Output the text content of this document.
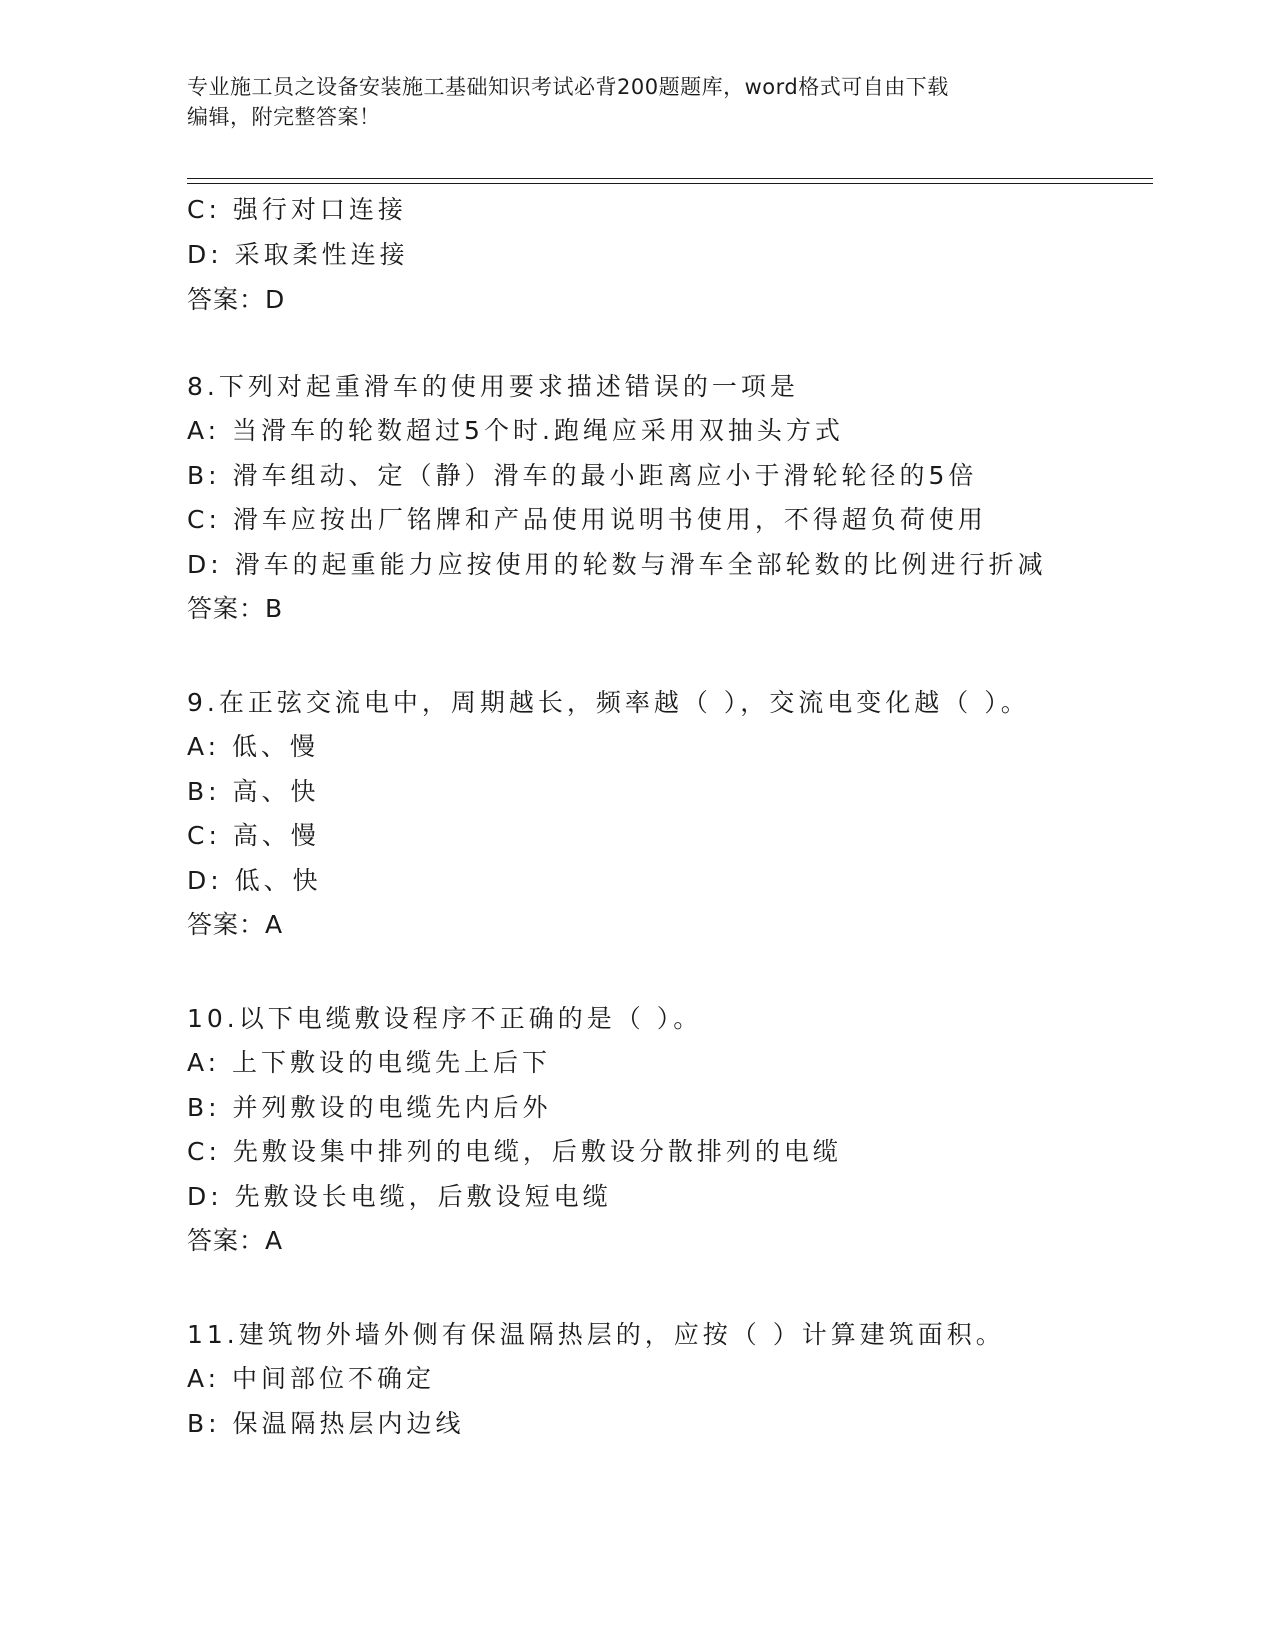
专业施工员之设备安装施工基础知识考试必背200题题库，word格式可自由下载
编辑，附完整答案！
C: 强行对口连接
D: 采取柔性连接
答案：D
8.下列对起重滑车的使用要求描述错误的一项是
A: 当滑车的轮数超过5个时.跑绳应采用双抽头方式
B: 滑车组动、定（静）滑车的最小距离应小于滑轮轮径的5倍
C: 滑车应按出厂铭牌和产品使用说明书使用，不得超负荷使用
D: 滑车的起重能力应按使用的轮数与滑车全部轮数的比例进行折减
答案：B
9.在正弦交流电中，周期越长，频率越（ ），交流电变化越（ ）。
A: 低、慢
B: 高、快
C: 高、慢
D: 低、快
答案：A
10.以下电缆敷设程序不正确的是（ ）。
A: 上下敷设的电缆先上后下
B: 并列敷设的电缆先内后外
C: 先敷设集中排列的电缆，后敷设分散排列的电缆
D: 先敷设长电缆，后敷设短电缆
答案：A
11.建筑物外墙外侧有保温隔热层的，应按（ ）计算建筑面积。
A: 中间部位不确定
B: 保温隔热层内边线
